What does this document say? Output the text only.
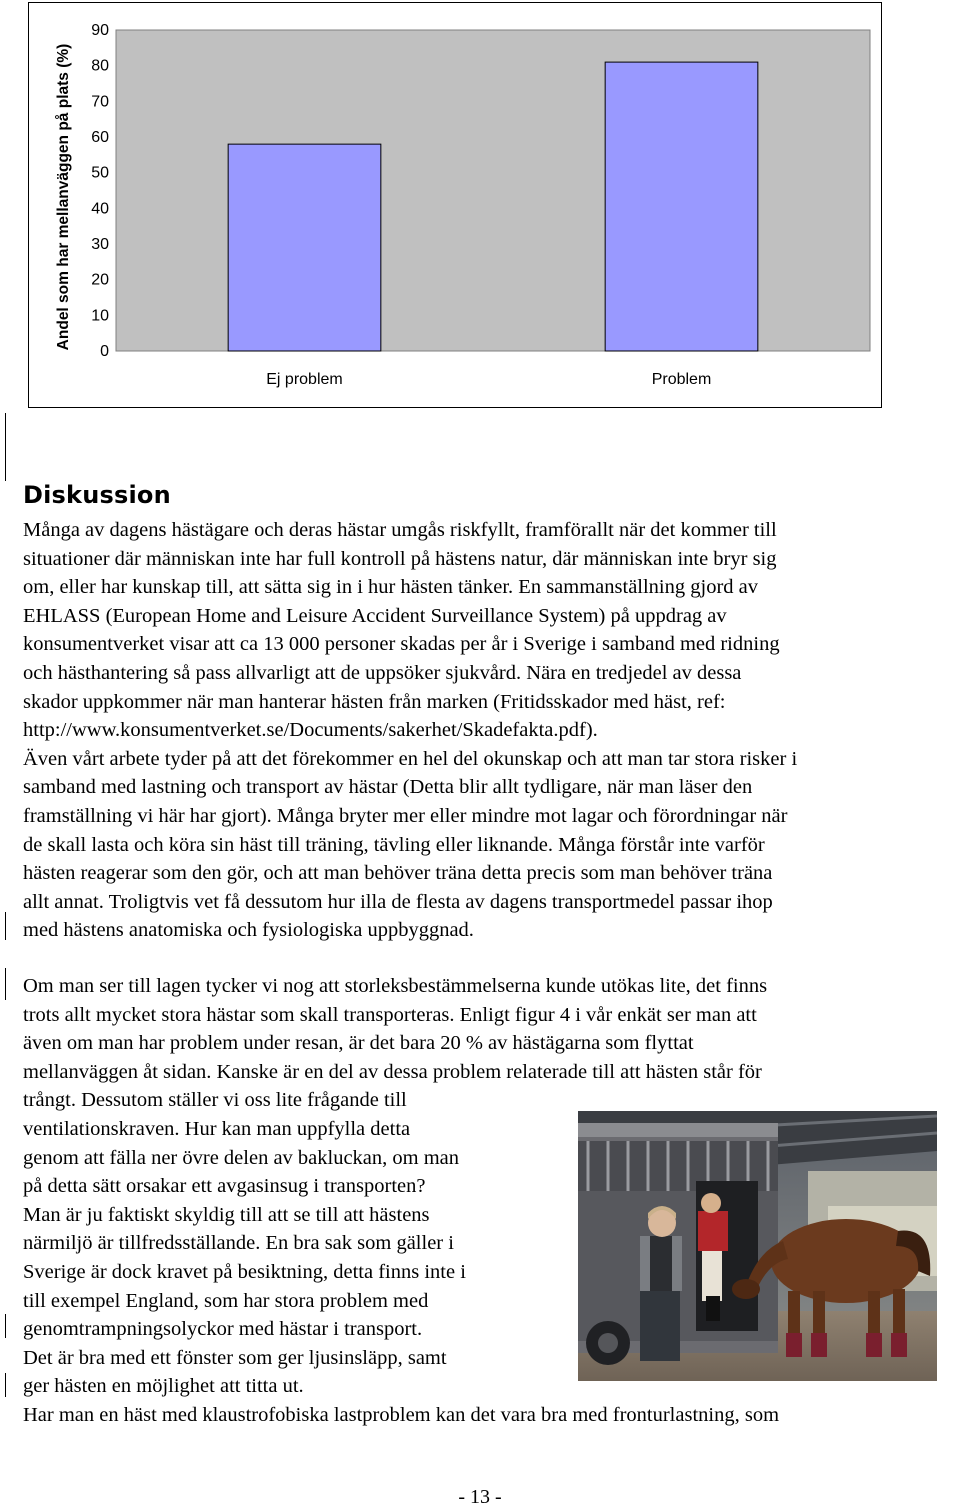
0
10
20
30
40
50
60
70
80
90
Ej problem	Problem
Andel som har mellanväggen på plats (%)
Diskussion
Många av dagens hästägare och deras hästar umgås riskfyllt, framförallt när det kommer till
situationer där människan inte har full kontroll på hästens natur, där människan inte bryr sig
om, eller har kunskap till, att sätta sig in i hur hästen tänker. En sammanställning gjord av
EHLASS (European Home and Leisure Accident Surveillance System) på uppdrag av
konsumentverket visar att ca 13 000 personer skadas per år i Sverige i samband med ridning
och hästhantering så pass allvarligt att de uppsöker sjukvård. Nära en tredjedel av dessa
skador uppkommer när man hanterar hästen från marken (Fritidsskador med häst, ref:
http://www.konsumentverket.se/Documents/sakerhet/Skadefakta.pdf).
Även vårt arbete tyder på att det förekommer en hel del okunskap och att man tar stora risker i
samband med lastning och transport av hästar (Detta blir allt tydligare, när man läser den
framställning vi här har gjort). Många bryter mer eller mindre mot lagar och förordningar när
de skall lasta och köra sin häst till träning, tävling eller liknande. Många förstår inte varför
hästen reagerar som den gör, och att man behöver träna detta precis som man behöver träna
allt annat. Troligtvis vet få dessutom hur illa de flesta av dagens transportmedel passar ihop
med hästens anatomiska och fysiologiska uppbyggnad.
Om man ser till lagen tycker vi nog att storleksbestämmelserna kunde utökas lite, det finns
trots allt mycket stora hästar som skall transporteras. Enligt figur 4 i vår enkät ser man att
även om man har problem under resan, är det bara 20 % av hästägarna som flyttat
mellanväggen åt sidan. Kanske är en del av dessa problem relaterade till att hästen står för
trångt. Dessutom ställer vi oss lite frågande till
ventilationskraven. Hur kan man uppfylla detta
genom att fälla ner övre delen av bakluckan, om man
på detta sätt orsakar ett avgasinsug i transporten?
Man är ju faktiskt skyldig till att se till att hästens
närmiljö är tillfredsställande. En bra sak som gäller i
Sverige är dock kravet på besiktning, detta finns inte i
till exempel England, som har stora problem med
genomtrampningsolyckor med hästar i transport.
Det är bra med ett fönster som ger ljusinsläpp, samt
ger hästen en möjlighet att titta ut.
Har man en häst med klaustrofobiska lastproblem kan det vara bra med fronturlastning, som

- 13 -
